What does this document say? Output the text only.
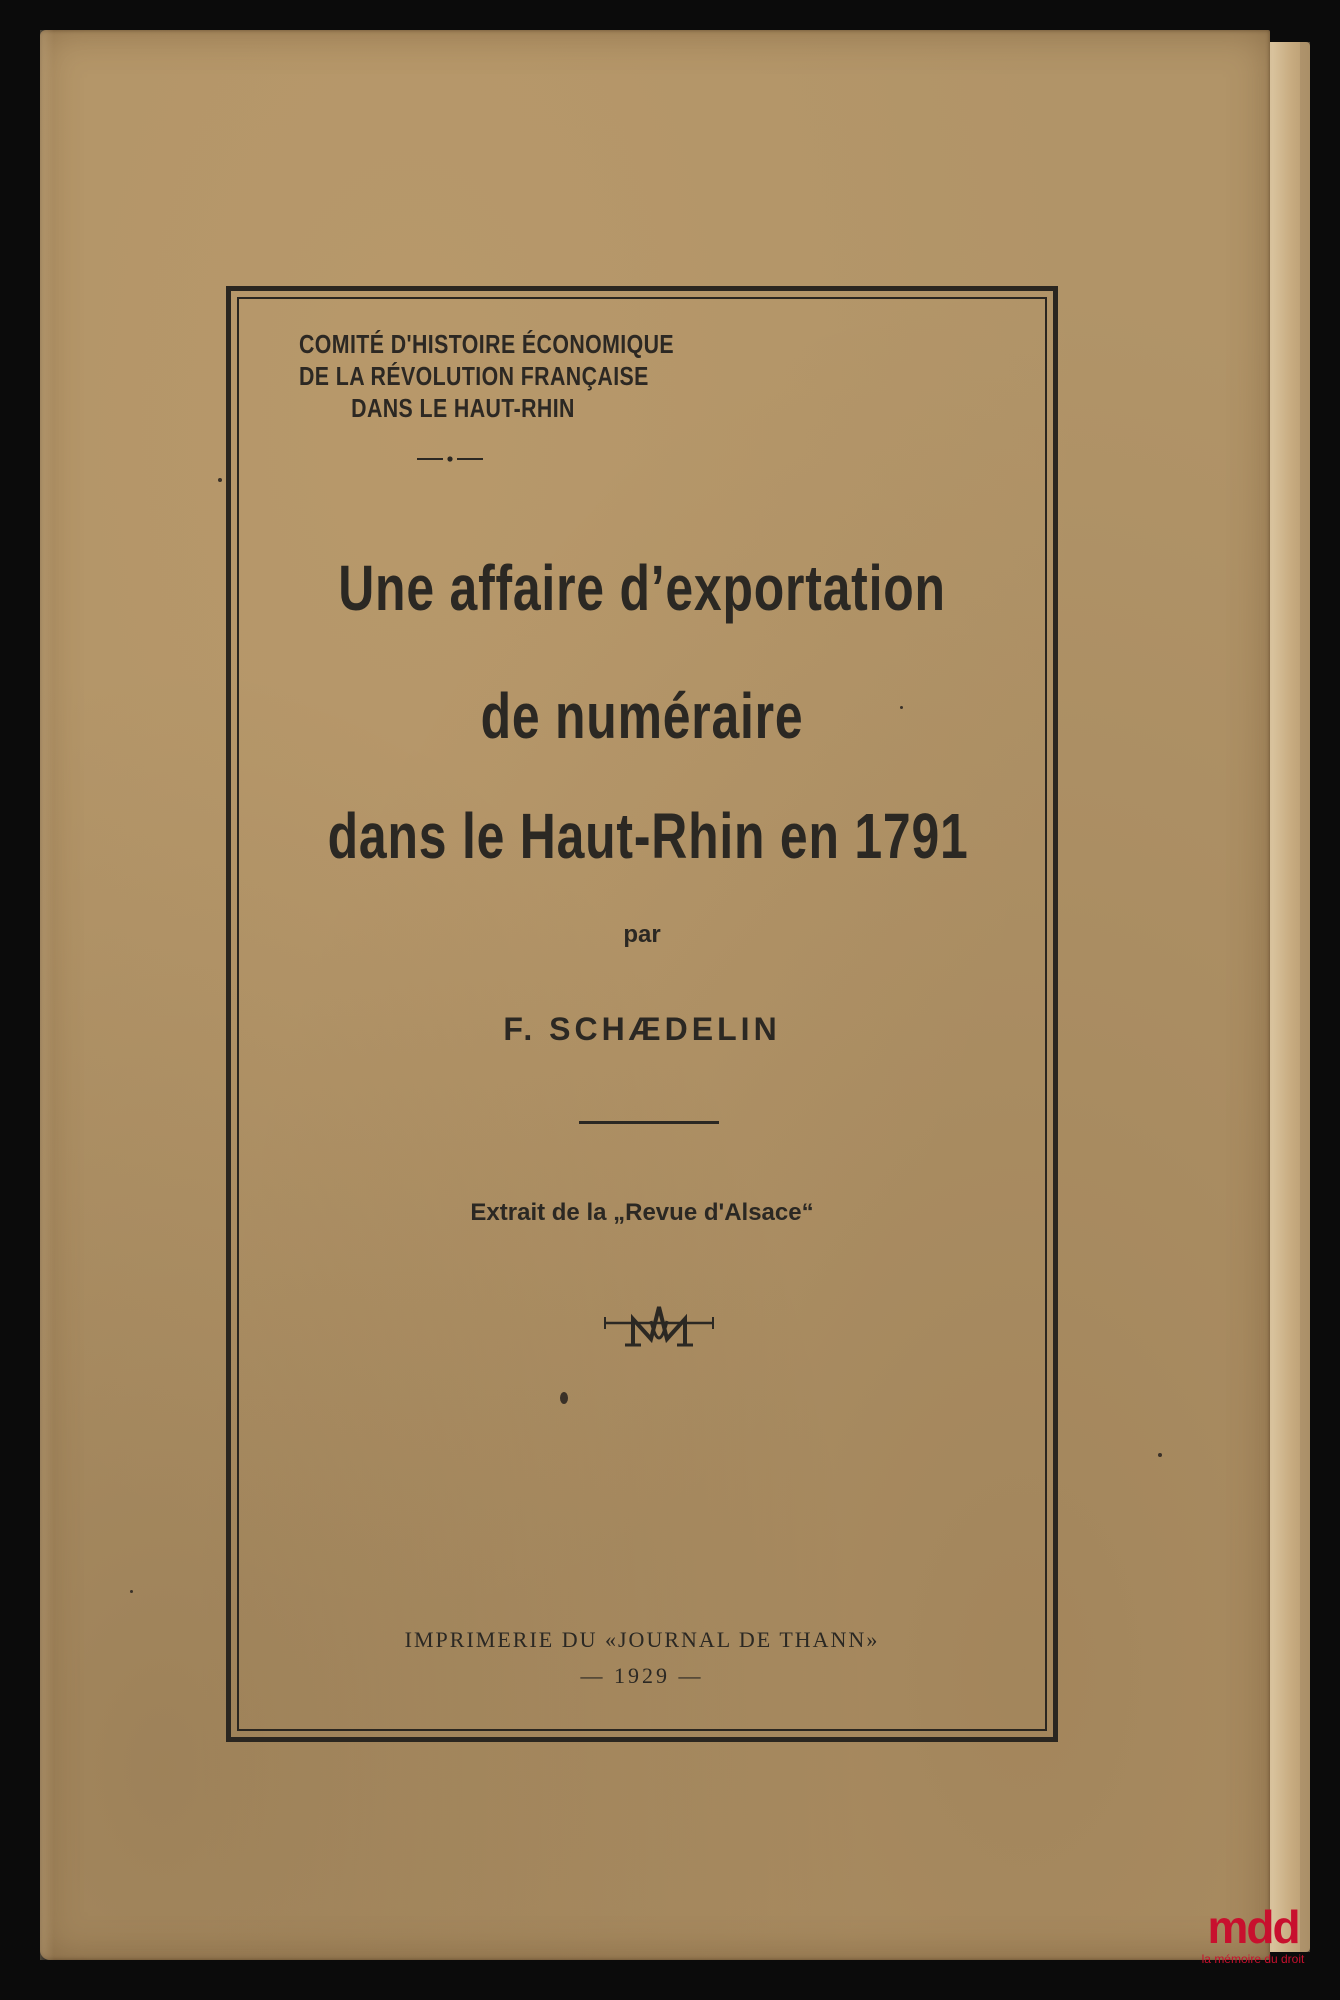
COMITÉ D'HISTOIRE ÉCONOMIQUE

DE LA RÉVOLUTION FRANÇAISE

DANS LE HAUT-RHIN

Une affaire d’exportation

de numéraire

dans le Haut-Rhin en 1791

par

F. SCHÆDELIN

Extrait de la „Revue d'Alsace“

IMPRIMERIE DU «JOURNAL DE THANN»

— 1929 —

mdd

la mémoire du droit
